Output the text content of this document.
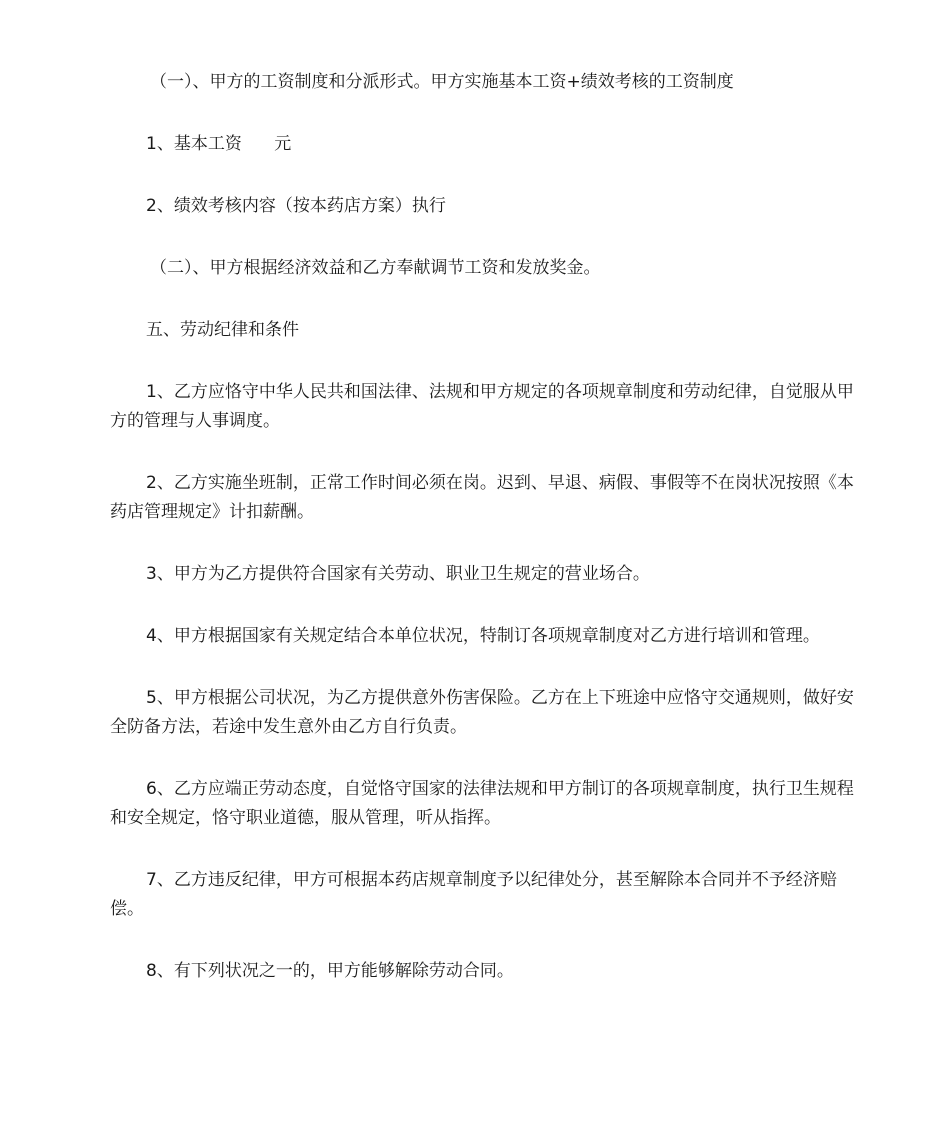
（一）、甲方的工资制度和分派形式。甲方实施基本工资+绩效考核的工资制度

1、基本工资      元

2、绩效考核内容（按本药店方案）执行

（二）、甲方根据经济效益和乙方奉献调节工资和发放奖金。

五、劳动纪律和条件

1、乙方应恪守中华人民共和国法律、法规和甲方规定的各项规章制度和劳动纪律，自觉服从甲方的管理与人事调度。

2、乙方实施坐班制，正常工作时间必须在岗。迟到、早退、病假、事假等不在岗状况按照《本药店管理规定》计扣薪酬。

3、甲方为乙方提供符合国家有关劳动、职业卫生规定的营业场合。

4、甲方根据国家有关规定结合本单位状况，特制订各项规章制度对乙方进行培训和管理。

5、甲方根据公司状况，为乙方提供意外伤害保险。乙方在上下班途中应恪守交通规则，做好安全防备方法，若途中发生意外由乙方自行负责。

6、乙方应端正劳动态度，自觉恪守国家的法律法规和甲方制订的各项规章制度，执行卫生规程和安全规定，恪守职业道德，服从管理，听从指挥。

7、乙方违反纪律，甲方可根据本药店规章制度予以纪律处分，甚至解除本合同并不予经济赔偿。

8、有下列状况之一的，甲方能够解除劳动合同。
